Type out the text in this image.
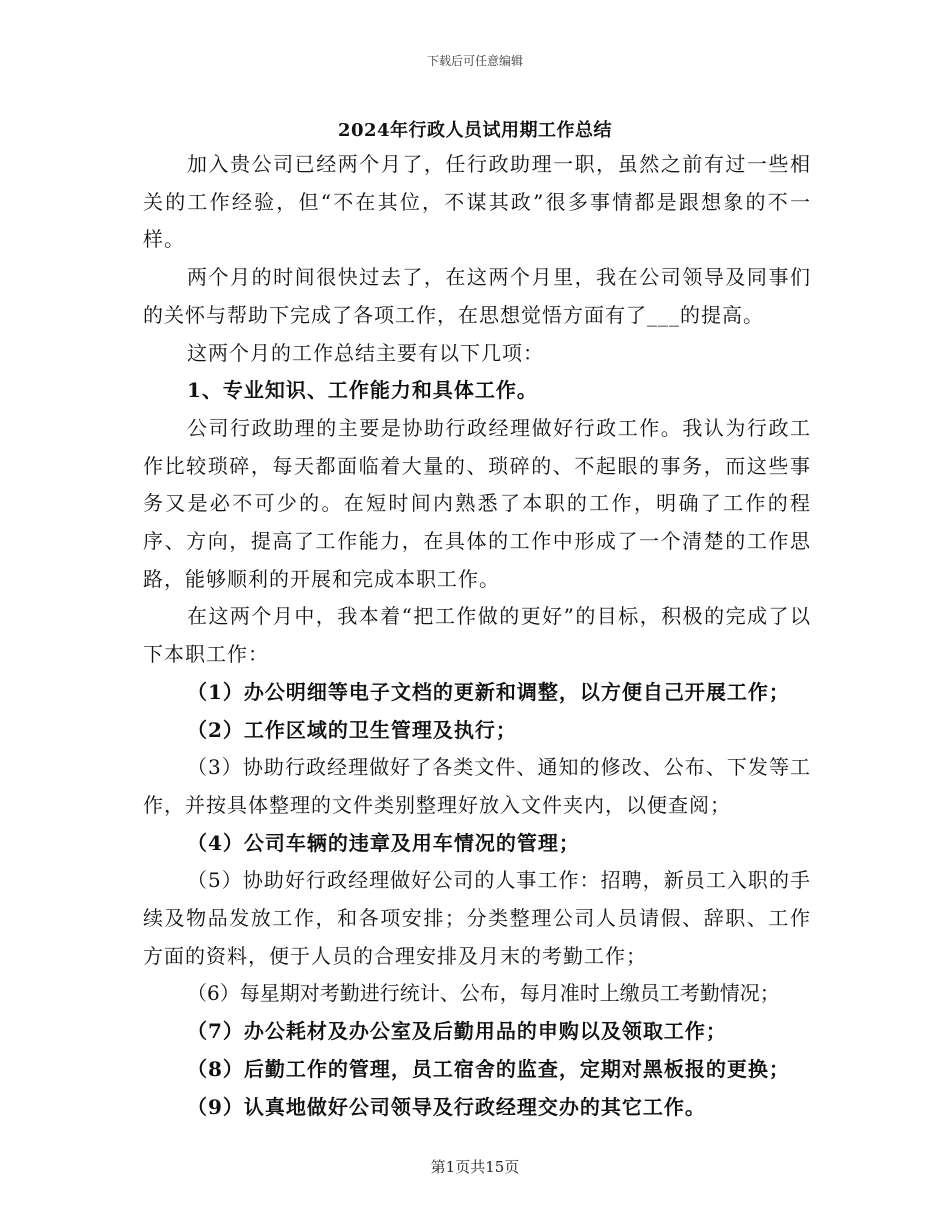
下载后可任意编辑
2024年行政人员试用期工作总结

加入贵公司已经两个月了，任行政助理一职，虽然之前有过一些相关的工作经验，但“不在其位，不谋其政”很多事情都是跟想象的不一样。

两个月的时间很快过去了，在这两个月里，我在公司领导及同事们的关怀与帮助下完成了各项工作，在思想觉悟方面有了___的提高。

这两个月的工作总结主要有以下几项：

1、专业知识、工作能力和具体工作。

公司行政助理的主要是协助行政经理做好行政工作。我认为行政工作比较琐碎，每天都面临着大量的、琐碎的、不起眼的事务，而这些事务又是必不可少的。在短时间内熟悉了本职的工作，明确了工作的程序、方向，提高了工作能力，在具体的工作中形成了一个清楚的工作思路，能够顺利的开展和完成本职工作。

在这两个月中，我本着“把工作做的更好”的目标，积极的完成了以下本职工作：

（1）办公明细等电子文档的更新和调整，以方便自己开展工作；

（2）工作区域的卫生管理及执行；

（3）协助行政经理做好了各类文件、通知的修改、公布、下发等工作，并按具体整理的文件类别整理好放入文件夹内，以便查阅；

（4）公司车辆的违章及用车情况的管理；

（5）协助好行政经理做好公司的人事工作：招聘，新员工入职的手续及物品发放工作，和各项安排；分类整理公司人员请假、辞职、工作方面的资料，便于人员的合理安排及月末的考勤工作；

（6）每星期对考勤进行统计、公布，每月准时上缴员工考勤情况；

（7）办公耗材及办公室及后勤用品的申购以及领取工作；

（8）后勤工作的管理，员工宿舍的监查，定期对黑板报的更换；

（9）认真地做好公司领导及行政经理交办的其它工作。

第1页共15页
